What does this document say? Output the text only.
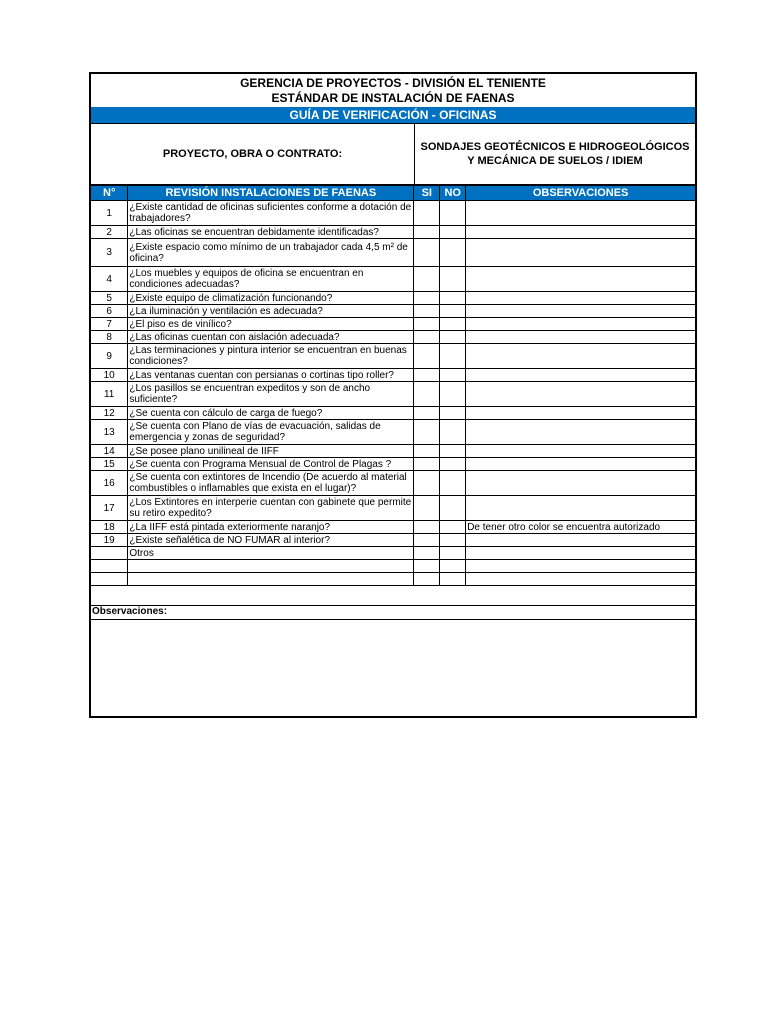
GERENCIA DE PROYECTOS - DIVISIÓN EL TENIENTE
ESTÁNDAR DE INSTALACIÓN DE FAENAS
GUÍA DE VERIFICACIÓN - OFICINAS
PROYECTO, OBRA O CONTRATO:
SONDAJES GEOTÉCNICOS E HIDROGEOLÓGICOS Y MECÁNICA DE SUELOS / IDIEM
N°	REVISIÓN INSTALACIONES DE FAENAS	SI	NO	OBSERVACIONES
1	¿Existe cantidad de oficinas suficientes conforme a dotación de trabajadores?			
2	¿Las oficinas se encuentran debidamente identificadas?			
3	¿Existe espacio como mínimo de un trabajador cada 4,5 m² de oficina?			
4	¿Los muebles y equipos de oficina se encuentran en condiciones adecuadas?			
5	¿Existe equipo de climatización funcionando?			
6	¿La iluminación y ventilación es adecuada?			
7	¿El piso es de vinílico?			
8	¿Las oficinas cuentan con aislación adecuada?			
9	¿Las terminaciones y pintura interior se encuentran en buenas condiciones?			
10	¿Las ventanas cuentan con persianas o cortinas tipo roller?			
11	¿Los pasillos se encuentran expeditos y son de ancho suficiente?			
12	¿Se cuenta con cálculo de carga de fuego?			
13	¿Se cuenta con Plano de vías de evacuación, salidas de emergencia y zonas de seguridad?			
14	¿Se posee plano unilineal de IIFF			
15	¿Se cuenta con Programa Mensual de Control de Plagas ?			
16	¿Se cuenta con extintores de Incendio (De acuerdo al material combustibles o inflamables que exista en el lugar)?			
17	¿Los Extintores en interperie cuentan con gabinete que permite su retiro expedito?			
18	¿La IIFF está pintada exteriormente naranjo?			De tener otro color se encuentra autorizado
19	¿Existe señalética de NO FUMAR al interior?			
	Otros			

Observaciones:
